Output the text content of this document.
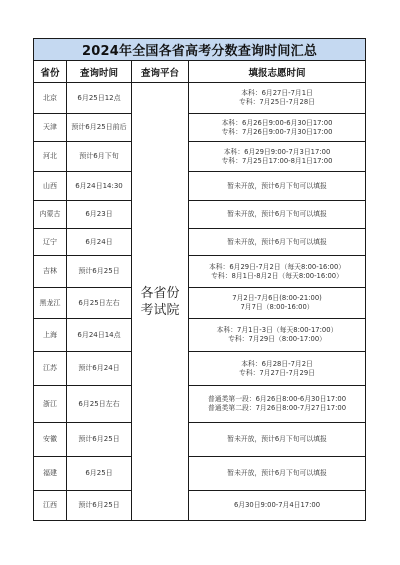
2024年全国各省高考分数查询时间汇总			
省份	查询时间	查询平台	填报志愿时间
北京	6月25日12点	各省份考试院	本科：6月27日-7月1日
专科：7月25日-7月28日

天津	预计6月25日前后		本科：6月26日9:00-6月30日17:00
专科：7月26日9:00-7月30日17:00

河北	预计6月下旬		本科：6月29日9:00-7月3日17:00
专科：7月25日17:00-8月1日17:00

山西	6月24日14:30		暂未开放，预计6月下旬可以填报

内蒙古	6月23日		暂未开放，预计6月下旬可以填报

辽宁	6月24日		暂未开放，预计6月下旬可以填报

吉林	预计6月25日		本科：6月29日-7月2日（每天8:00-16:00）
专科：8月1日-8月2日（每天8:00-16:00）

黑龙江	6月25日左右		7月2日-7月6日(8:00-21:00)
7月7日（8:00-16:00）

上海	6月24日14点		本科：7月1日-3日（每天8:00-17:00）
专科：7月29日（8:00-17:00）

江苏	预计6月24日		本科：6月28日-7月2日
专科：7月27日-7月29日

浙江	6月25日左右		普通类第一段：6月26日8:00-6月30日17:00
普通类第二段：7月26日8:00-7月27日17:00

安徽	预计6月25日		暂未开放，预计6月下旬可以填报

福建	6月25日		暂未开放，预计6月下旬可以填报

江西	预计6月25日		6月30日9:00-7月4日17:00
